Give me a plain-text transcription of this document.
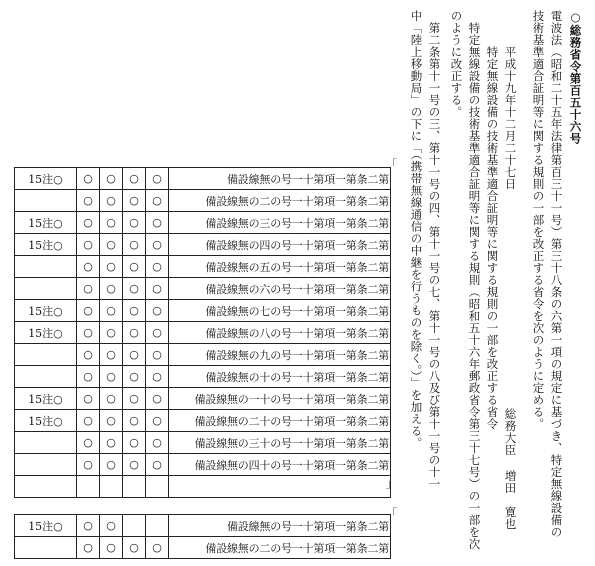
○総務省令第百五十六号
電波法（昭和二十五年法律第百三十一号）第三十八条の六第一項の規定に基づき、特定無線設備の
技術基準適合証明等に関する規則の一部を改正する省令を次のように定める。
平成十九年十二月二十七日
特定無線設備の技術基準適合証明等に関する規則の一部を改正する省令
特定無線設備の技術基準適合証明等に関する規則（昭和五十六年郵政省令第三十七号）の一部を次
のように改正する。
第二条第十一号の三、第十一号の四、第十一号の七、第十一号の八及び第十一号の十一
中「陸上移動局」の下に「（携帯無線通信の中継を行うものを除く。）」を加える。	総務大臣
増田　寛也
「
15注○	○	○	○	○	備設線無の号一十第項一第条二第
	○	○	○	○	備設線無の二の号一十第項一第条二第
15注○	○	○	○	○	備設線無の三の号一十第項一第条二第
15注○	○	○	○	○	備設線無の四の号一十第項一第条二第
	○	○	○	○	備設線無の五の号一十第項一第条二第
	○	○	○	○	備設線無の六の号一十第項一第条二第
15注○	○	○	○	○	備設線無の七の号一十第項一第条二第
15注○	○	○	○	○	備設線無の八の号一十第項一第条二第
	○	○	○	○	備設線無の九の号一十第項一第条二第
	○	○	○	○	備設線無の十の号一十第項一第条二第
15注○	○	○	○	○	備設線無の一十の号一十第項一第条二第
15注○	○	○	○	○	備設線無の二十の号一十第項一第条二第
	○	○	○	○	備設線無の三十の号一十第項一第条二第
	○	○	○	○	備設線無の四十の号一十第項一第条二第

」
「
15注○	○	○			備設線無の号一十第項一第条二第
	○	○	○	○	備設線無の二の号一十第項一第条二第
